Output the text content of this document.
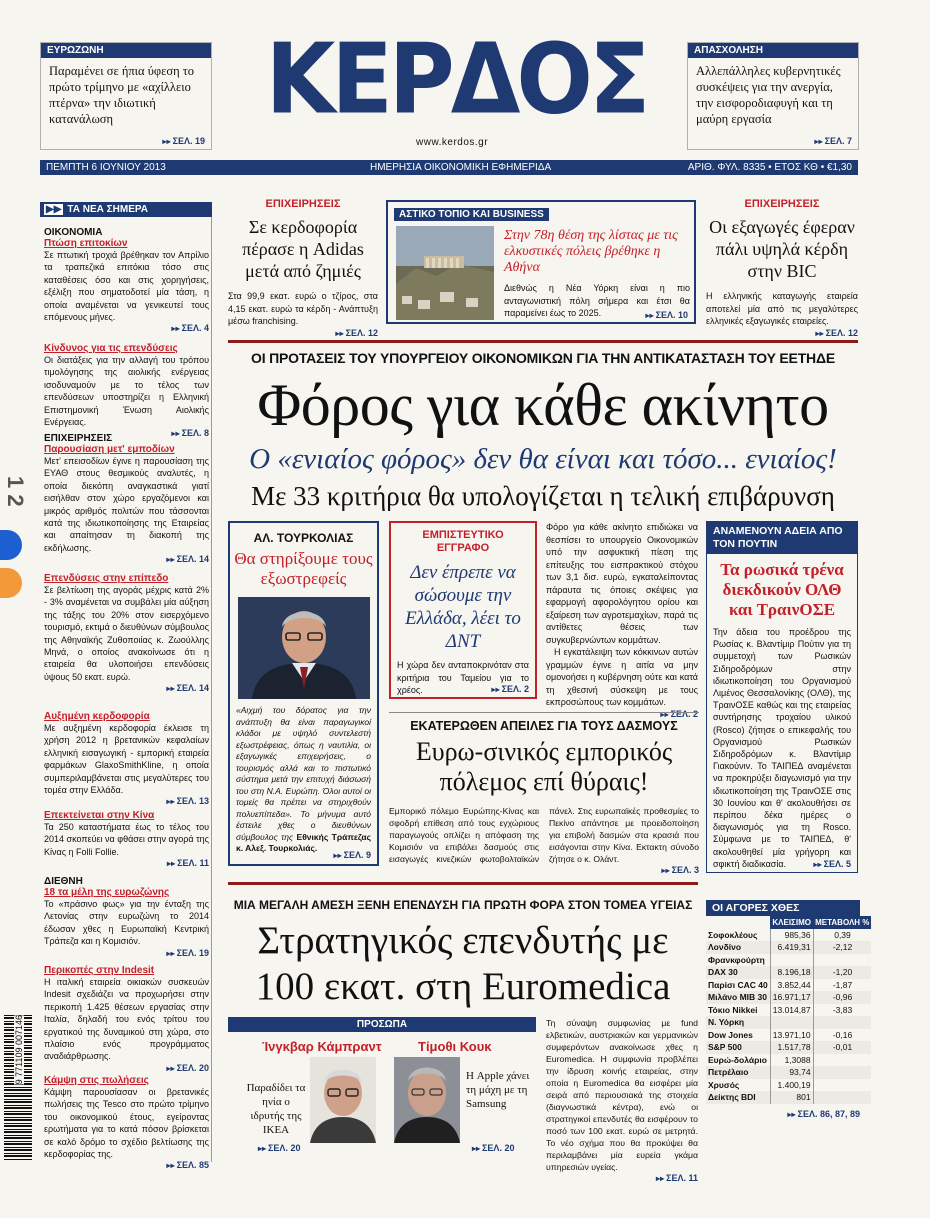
ΕΥΡΩΖΩΝΗ
Παραμένει σε ήπια ύφεση το πρώτο τρίμηνο με «αχίλλειο πτέρνα» την ιδιωτική κατανάλωση
▸▸ ΣΕΛ. 19
ΚΕΡΔΟΣ
www.kerdos.gr
ΑΠΑΣΧΟΛΗΣΗ
Αλλεπάλληλες κυβερνητικές συσκέψεις για την ανεργία, την εισφοροδιαφυγή και τη μαύρη εργασία
▸▸ ΣΕΛ. 7
ΠΕΜΠΤΗ 6 ΙΟΥΝΙΟΥ 2013	ΗΜΕΡΗΣΙΑ ΟΙΚΟΝΟΜΙΚΗ ΕΦΗΜΕΡΙΔΑ	ΑΡΙΘ. ΦΥΛ. 8335 • ΕΤΟΣ ΚΘ • €1,30
▶▶ ΤΑ ΝΕΑ ΣΗΜΕΡΑ
ΟΙΚΟΝΟΜΙΑ
Πτώση επιτοκίων
Σε πτωτική τροχιά βρέθηκαν τον Απρίλιο τα τραπεζικά επιτόκια τόσο στις καταθέσεις όσο και στις χορηγήσεις, εξέλιξη που σηματοδοτεί μία τάση, η οποία αναμένεται να γενικευτεί τους επόμενους μήνες.
▸▸ ΣΕΛ. 4
Κίνδυνος για τις επενδύσεις
Οι διατάξεις για την αλλαγή του τρόπου τιμολόγησης της αιολικής ενέργειας ισοδυναμούν με το τέλος των επενδύσεων υποστηρίζει η Ελληνική Επιστημονική Ένωση Αιολικής Ενέργειας.
▸▸ ΣΕΛ. 8
ΕΠΙΧΕΙΡΗΣΕΙΣ
Παρουσίαση μετ' εμποδίων
Μετ' επεισοδίων έγινε η παρουσίαση της ΕΥΑΘ στους θεσμικούς αναλυτές, η οποία διεκόπη αναγκαστικά γιατί εισήλθαν στον χώρο εργαζόμενοι και μικρός αριθμός πολιτών που τάσσονται κατά της ιδιωτικοποίησης της Εταιρείας και απαίτησαν τη διακοπή της εκδήλωσης.
▸▸ ΣΕΛ. 14
Επενδύσεις στην επίπεδο
Σε βελτίωση της αγοράς μέχρις κατά 2% - 3% αναμένεται να συμβάλει μία αύξηση της τάξης του 20% στον εισερχόμενο τουρισμό, εκτιμά ο διευθύνων σύμβουλος της Αθηναϊκής Ζυθοποιίας κ. Ζωούλλης Μηνά, ο οποίος ανακοίνωσε ότι η εταιρεία θα υλοποιήσει επενδύσεις ύψους 50 εκατ. ευρώ.
▸▸ ΣΕΛ. 14
Αυξημένη κερδοφορία
Με αυξημένη κερδοφορία έκλεισε τη χρήση 2012 η βρετανικών κεφαλαίων ελληνική εισαγωγική - εμπορική εταιρεία φαρμάκων GlaxoSmithKline, η οποία συμπεριλαμβάνεται στις μεγαλύτερες του τομέα στην Ελλάδα.
▸▸ ΣΕΛ. 13
Επεκτείνεται στην Κίνα
Τα 250 καταστήματα έως το τέλος του 2014 σκοπεύει να φθάσει στην αγορά της Κίνας η Folli Follie.
▸▸ ΣΕΛ. 11
ΔΙΕΘΝΗ
18 τα μέλη της ευρωζώνης
Το «πράσινο φως» για την ένταξη της Λετονίας στην ευρωζώνη το 2014 έδωσαν χθες η Ευρωπαϊκή Κεντρική Τράπεζα και η Κομισιόν.
▸▸ ΣΕΛ. 19
Περικοπές στην Indesit
Η ιταλική εταιρεία οικιακών συσκευών Indesit σχεδιάζει να προχωρήσει στην περικοπή 1.425 θέσεων εργασίας στην Ιταλία, δηλαδή του ενός τρίτου του εργατικού της δυναμικού στη χώρα, στο πλαίσιο ενός προγράμματος αναδιάρθρωσης.
▸▸ ΣΕΛ. 20
Κάμψη στις πωλήσεις
Κάμψη παρουσίασαν οι βρετανικές πωλήσεις της Tesco στο πρώτο τρίμηνο του οικονομικού έτους, εγείροντας ερωτήματα για το κατά πόσον βρίσκεται σε καλό δρόμο το σχέδιο βελτίωσης της κερδοφορίας της.
▸▸ ΣΕΛ. 85
1 2
9 771109 007146
ΕΠΙΧΕΙΡΗΣΕΙΣ
Σε κερδοφορία πέρασε η Adidas μετά από ζημιές
Στα 99,9 εκατ. ευρώ ο τζίρος, στα 4,15 εκατ. ευρώ τα κέρδη - Ανάπτυξη μέσω franchising.
▸▸ ΣΕΛ. 12
ΑΣΤΙΚΟ ΤΟΠΙΟ ΚΑΙ BUSINESS
Στην 78η θέση της λίστας με τις ελκυστικές πόλεις βρέθηκε η Αθήνα
Διεθνώς η Νέα Υόρκη είναι η πιο ανταγωνιστική πόλη σήμερα και έτσι θα παραμείνει έως το 2025.	▸▸ ΣΕΛ. 10
ΕΠΙΧΕΙΡΗΣΕΙΣ
Οι εξαγωγές έφεραν πάλι υψηλά κέρδη στην BIC
Η ελληνικής καταγωγής εταιρεία αποτελεί μία από τις μεγαλύτερες ελληνικές εξαγωγικές εταιρείες.
▸▸ ΣΕΛ. 12
ΟΙ ΠΡΟΤΑΣΕΙΣ ΤΟΥ ΥΠΟΥΡΓΕΙΟΥ ΟΙΚΟΝΟΜΙΚΩΝ ΓΙΑ ΤΗΝ ΑΝΤΙΚΑΤΑΣΤΑΣΗ ΤΟΥ ΕΕΤΗΔΕ
Φόρος για κάθε ακίνητο
Ο «ενιαίος φόρος» δεν θα είναι και τόσο... ενιαίος!
Με 33 κριτήρια θα υπολογίζεται η τελική επιβάρυνση
ΑΛ. ΤΟΥΡΚΟΛΙΑΣ
Θα στηρίξουμε τους εξωστρεφείς
«Αιχμή του δόρατος για την ανάπτυξη θα είναι παραγωγικοί κλάδοι με υψηλό συντελεστή εξωστρέφειας, όπως η ναυτιλία, οι εξαγωγικές επιχειρήσεις, ο τουρισμός αλλά και το πιστωτικό σύστημα μετά την επιτυχή διάσωσή του στη Ν.Α. Ευρώπη. Όλοι αυτοί οι τομείς θα πρέπει να στηριχθούν πολυεπίπεδα». Το μήνυμα αυτό έστειλε χθες ο διευθύνων σύμβουλος της Εθνικής Τράπεζας κ. Αλεξ. Τουρκολιάς.
▸▸ ΣΕΛ. 9
ΕΜΠΙΣΤΕΥΤΙΚΟ ΕΓΓΡΑΦΟ
Δεν έπρεπε να σώσουμε την Ελλάδα, λέει το ΔΝΤ
Η χώρα δεν ανταποκρινόταν στα κριτήρια του Ταμείου για το χρέος.	▸▸ ΣΕΛ. 2
Φόρο για κάθε ακίνητο επιδιώκει να θεσπίσει το υπουργείο Οικονομικών υπό την ασφυκτική πίεση της επίτευξης του εισπρακτικού στόχου των 3,1 δισ. ευρώ, εγκαταλείποντας πάραυτα τις όποιες σκέψεις για εφαρμογή αφορολόγητου ορίου και εξαίρεση των αγροτεμαχίων, παρά τις αντίθετες θέσεις των συγκυβερνώντων κομμάτων.
Η εγκατάλειψη των κόκκινων αυτών γραμμών έγινε η αιτία να μην ομονοήσει η κυβέρνηση ούτε και κατά τη χθεσινή σύσκεψη με τους εκπροσώπους των κομμάτων.
▸▸ ΣΕΛ. 2
ΑΝΑΜΕΝΟΥΝ ΑΔΕΙΑ ΑΠΟ ΤΟΝ ΠΟΥΤΙΝ
Τα ρωσικά τρένα διεκδικούν ΟΛΘ και ΤραινΟΣΕ
Την άδεια του προέδρου της Ρωσίας κ. Βλαντίμιρ Πούτιν για τη συμμετοχή των Ρωσικών Σιδηροδρόμων στην ιδιωτικοποίηση του Οργανισμού Λιμένος Θεσσαλονίκης (ΟΛΘ), της ΤραινΟΣΕ καθώς και της εταιρείας συντήρησης τροχαίου υλικού (Rosco) ζήτησε ο επικεφαλής του Οργανισμού Ρωσικών Σιδηροδρόμων κ. Βλαντίμιρ Γιακούνιν. Το ΤΑΙΠΕΔ αναμένεται να προκηρύξει διαγωνισμό για την ιδιωτικοποίηση της ΤραινΟΣΕ στις 30 Ιουνίου και θ' ακολουθήσει σε περίπου δέκα ημέρες ο διαγωνισμός για τη Rosco. Σύμφωνα με το ΤΑΙΠΕΔ, θ' ακολουθηθεί μία γρήγορη και σφικτή διαδικασία.	▸▸ ΣΕΛ. 5
ΕΚΑΤΕΡΩΘΕΝ ΑΠΕΙΛΕΣ ΓΙΑ ΤΟΥΣ ΔΑΣΜΟΥΣ
Ευρω-σινικός εμπορικός πόλεμος επί θύραις!
Εμπορικό πόλεμο Ευρώπης-Κίνας και σφοδρή επίθεση από τους εγχώριους παραγωγούς οπλίζει η απόφαση της Κομισιόν να επιβάλει δασμούς στις εισαγωγές κινεζικών φωτοβολταϊκών πάνελ. Στις ευρωπαϊκές προθεσμίες το Πεκίνο απάντησε με προειδοποίηση για επιβολή δασμών στα κρασιά που εισάγονται στην Κίνα. Εκτακτη σύνοδο ζήτησε ο κ. Ολάντ.
▸▸ ΣΕΛ. 3
ΜΙΑ ΜΕΓΑΛΗ ΑΜΕΣΗ ΞΕΝΗ ΕΠΕΝΔΥΣΗ ΓΙΑ ΠΡΩΤΗ ΦΟΡΑ ΣΤΟΝ ΤΟΜΕΑ ΥΓΕΙΑΣ
Στρατηγικός επενδυτής με 100 εκατ. στη Euromedica
ΠΡΟΣΩΠΑ
Ίνγκβαρ Κάμπραντ	Τίμοθι Κουκ
Παραδίδει τα ηνία ο ιδρυτής της IKEA
▸▸ ΣΕΛ. 20
Η Apple χάνει τη μάχη με τη Samsung
▸▸ ΣΕΛ. 20
Τη σύναψη συμφωνίας με fund ελβετικών, αυστριακών και γερμανικών συμφερόντων ανακοίνωσε χθες η Euromedica. Η συμφωνία προβλέπει την ίδρυση κοινής εταιρείας, στην οποία η Euromedica θα εισφέρει μία σειρά από περιουσιακά της στοιχεία (διαγνωστικά κέντρα), ενώ οι στρατηγικοί επενδυτές θα εισφέρουν το ποσό των 100 εκατ. ευρώ σε μετρητά. Το νέο σχήμα που θα προκύψει θα περιλαμβάνει μία ευρεία γκάμα υπηρεσιών υγείας.
▸▸ ΣΕΛ. 11
ΟΙ ΑΓΟΡΕΣ ΧΘΕΣ
	ΚΛΕΙΣΙΜΟ	ΜΕΤΑΒΟΛΗ %
Σοφοκλέους	985,36	0,39
Λονδίνο	6.419,31	-2,12
Φρανκφούρτη		
DAX 30	8.196,18	-1,20
Παρίσι CAC 40	3.852,44	-1,87
Μιλάνο MIB 30	16.971,17	-0,96
Τόκιο Nikkei	13.014,87	-3,83
Ν. Υόρκη		
Dow Jones	13.971,10	-0,16
S&P 500	1.517,78	-0,01
Ευρώ-δολάριο	1,3088	
Πετρέλαιο	93,74	
Χρυσός	1.400,19	
Δείκτης BDI	801	
▸▸ ΣΕΛ. 86, 87, 89
